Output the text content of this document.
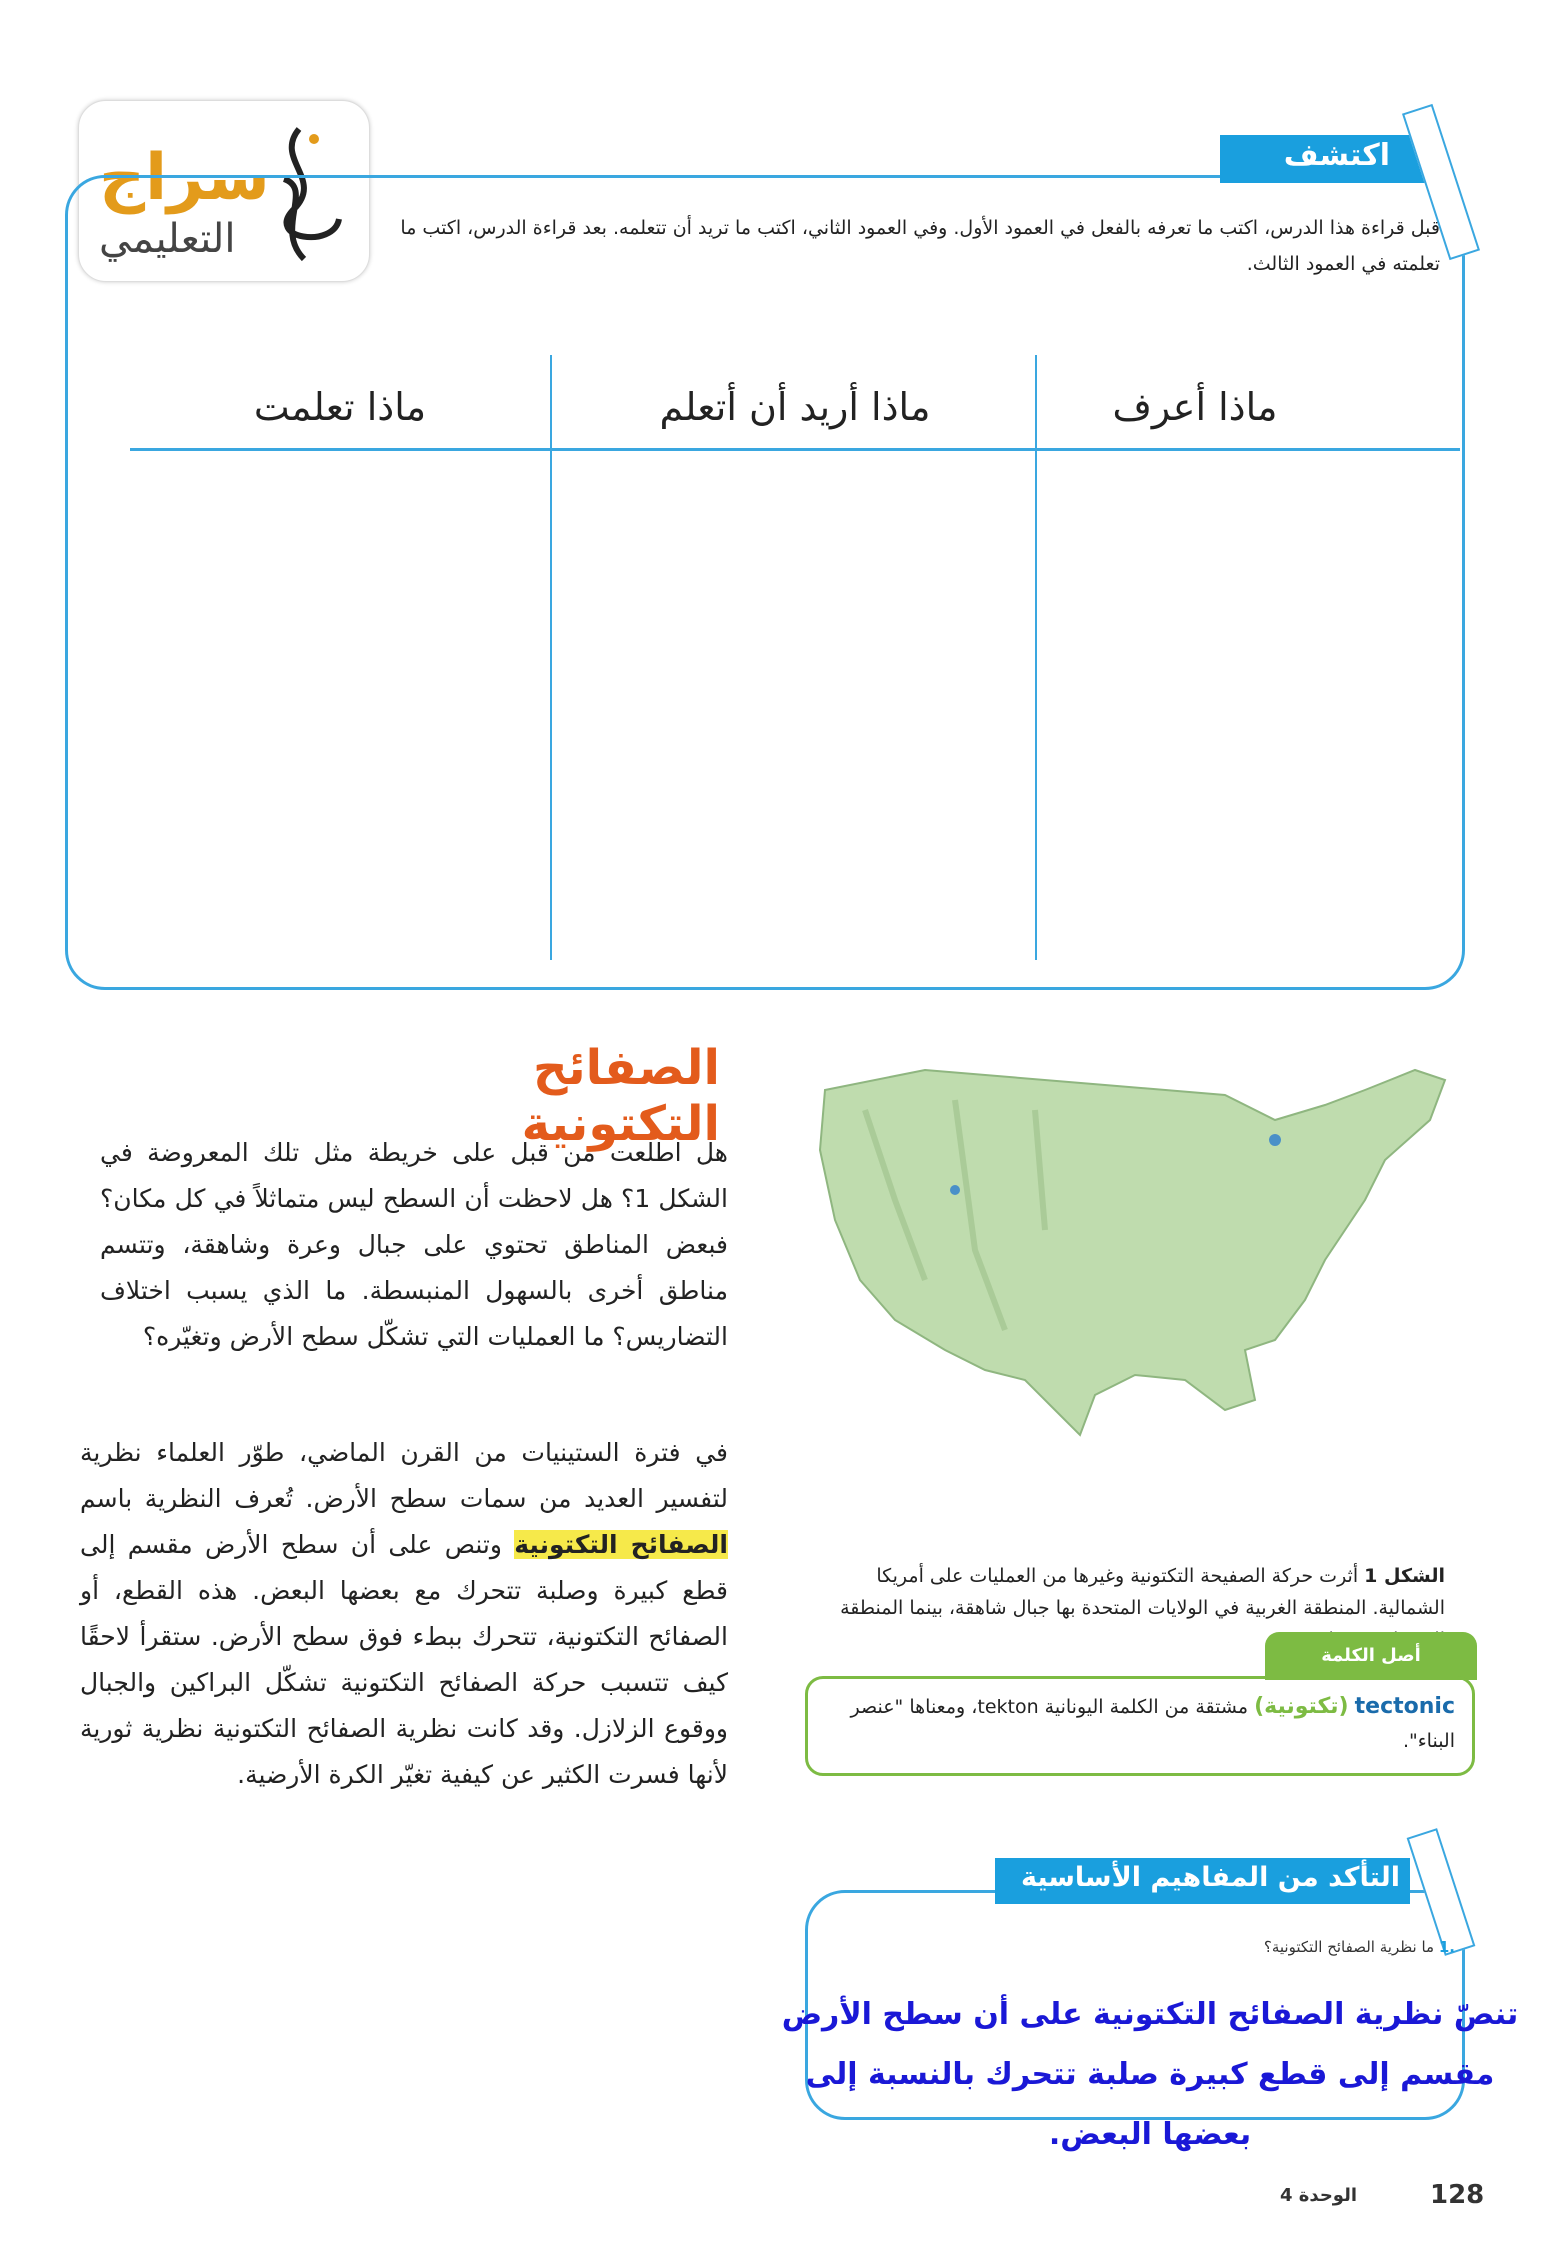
سراج
التعليمي
اكتشف
قبل قراءة هذا الدرس، اكتب ما تعرفه بالفعل في العمود الأول. وفي العمود الثاني، اكتب ما تريد أن تتعلمه. بعد قراءة الدرس، اكتب ما تعلمته في العمود الثالث.
ماذا أعرف
ماذا أريد أن أتعلم
ماذا تعلمت
الصفائح التكتونية
هل اطلعت من قبل على خريطة مثل تلك المعروضة في الشكل 1؟ هل لاحظت أن السطح ليس متماثلاً في كل مكان؟ فبعض المناطق تحتوي على جبال وعرة وشاهقة، وتتسم مناطق أخرى بالسهول المنبسطة. ما الذي يسبب اختلاف التضاريس؟ ما العمليات التي تشكّل سطح الأرض وتغيّره؟
في فترة الستينيات من القرن الماضي، طوّر العلماء نظرية لتفسير العديد من سمات سطح الأرض. تُعرف النظرية باسم الصفائح التكتونية وتنص على أن سطح الأرض مقسم إلى قطع كبيرة وصلبة تتحرك مع بعضها البعض. هذه القطع، أو الصفائح التكتونية، تتحرك ببطء فوق سطح الأرض. ستقرأ لاحقًا كيف تتسبب حركة الصفائح التكتونية تشكّل البراكين والجبال ووقوع الزلازل. وقد كانت نظرية الصفائح التكتونية نظرية ثورية لأنها فسرت الكثير عن كيفية تغيّر الكرة الأرضية.
الشكل 1 أثرت حركة الصفيحة التكتونية وغيرها من العمليات على أمريكا الشمالية. المنطقة الغربية في الولايات المتحدة بها جبال شاهقة، بينما المنطقة
أصل الكلمة
tectonic (تكتونية) مشتقة من الكلمة اليونانية tekton، ومعناها "عنصر البناء".
التأكد من المفاهيم الأساسية
.1 ما نظرية الصفائح التكتونية؟
تنصّ نظرية الصفائح التكتونية على أن سطح الأرض مقسم إلى قطع كبيرة صلبة تتحرك بالنسبة إلى بعضها البعض.
128
الوحدة 4
